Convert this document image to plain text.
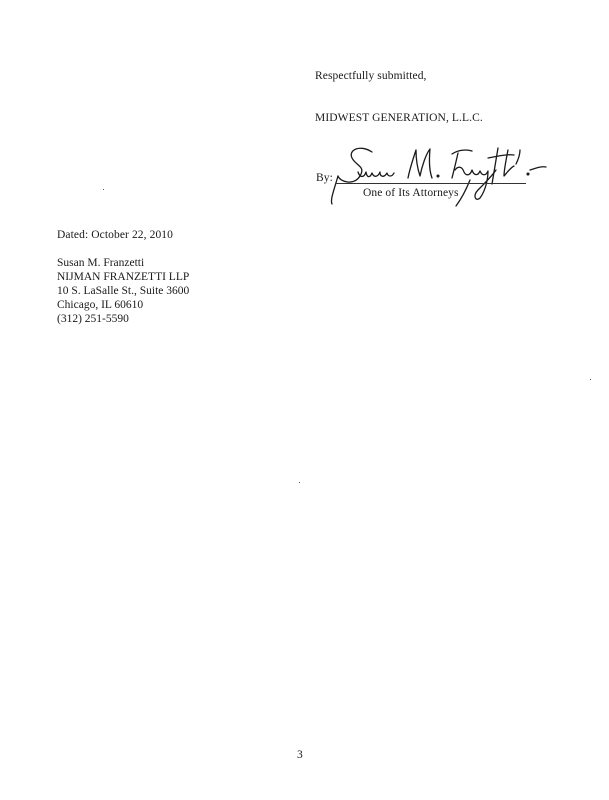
Respectfully submitted,
MIDWEST GENERATION, L.L.C.
By:
One of Its Attorneys
Dated: October 22, 2010
Susan M. Franzetti
NIJMAN FRANZETTI LLP
10 S. LaSalle St., Suite 3600
Chicago, IL 60610
(312) 251-5590
3
